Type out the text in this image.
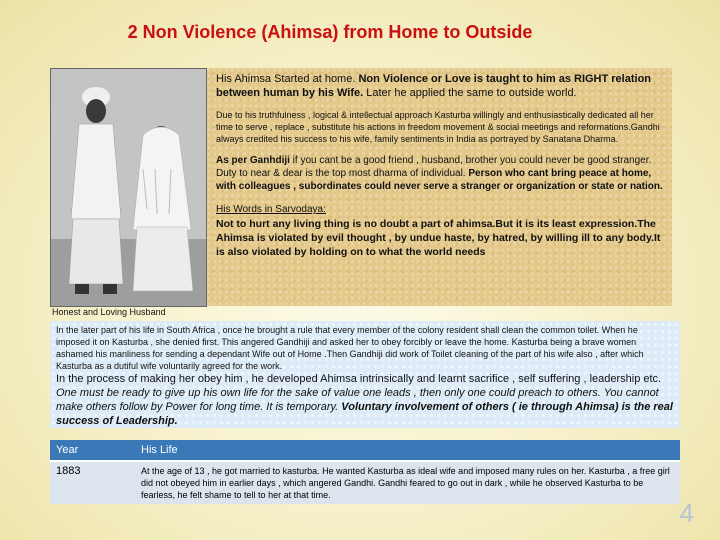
2 Non Violence (Ahimsa) from Home to Outside
Honest and Loving Husband

His Ahimsa Started at home. Non Violence or Love is taught to him as RIGHT relation between human by his Wife. Later he applied the same to outside world.

Due to his truthfulness , logical & intellectual approach Kasturba willingly and enthusiastically dedicated all her time to serve , replace , substitute his actions in freedom movement & social meetings and reformations.Gandhi always credited his success to his wife, family sentiments in India as portrayed by Sanatana Dharma.

As per Ganhdiji if you cant be a good friend , husband, brother you could never be good stranger. Duty to near & dear is the top most dharma of individual. Person who cant bring peace at home, with colleagues , subordinates could never serve a stranger or organization or state or nation.

His Words in Sarvodaya:
Not to hurt any living thing is no doubt a part of ahimsa.But it is its least expression.The Ahimsa is violated by evil thought , by undue haste, by hatred, by willing ill to any body.It is also violated by holding on to what the world needs

In the later part of his life in South Africa , once he brought a rule that every member of the colony resident shall clean the common toilet. When he imposed it on Kasturba , she denied first. This angered Gandhiji and asked her to obey forcibly or leave the home. Kasturba being a brave women ashamed his manliness for sending a dependant Wife out of Home .Then Gandhiji did work of Toilet cleaning of the part of his wife also , after which Kasturba as a dutiful wife voluntarily agreed for the work.

In the process of making her obey him , he developed Ahimsa intrinsically and learnt sacrifice , self suffering , leadership etc. One must be ready to give up his own life for the sake of value one leads , then only one could preach to others. You cannot make others follow by Power for long time. It is temporary. Voluntary involvement of others ( ie through Ahimsa) is the real success of Leadership.

Year	His Life
1883	At the age of 13 , he got married to kasturba. He wanted Kasturba as ideal wife and imposed many rules on her. Kasturba , a free girl did not obeyed him in earlier days , which angered Gandhi. Gandhi feared to go out in dark , while he observed Kasturba to be fearless, he felt shame to tell to her at that time.
4
